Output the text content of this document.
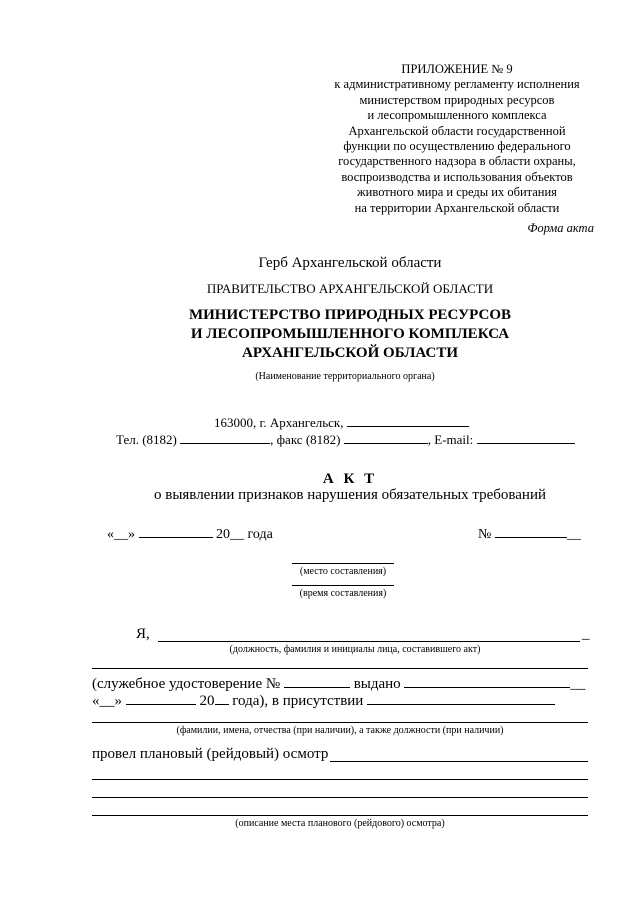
ПРИЛОЖЕНИЕ № 9
к административному регламенту исполнения
министерством природных ресурсов
и лесопромышленного комплекса
Архангельской области государственной
функции по осуществлению федерального
государственного надзора в области охраны,
воспроизводства и использования объектов
животного мира и среды их обитания
на территории Архангельской области
Форма акта
Герб Архангельской области
ПРАВИТЕЛЬСТВО АРХАНГЕЛЬСКОЙ ОБЛАСТИ
МИНИСТЕРСТВО ПРИРОДНЫХ РЕСУРСОВ
И ЛЕСОПРОМЫШЛЕННОГО КОМПЛЕКСА
АРХАНГЕЛЬСКОЙ ОБЛАСТИ
(Наименование территориального органа)
163000, г. Архангельск,
Тел. (8182)	, факс (8182)	, E-mail:
А К Т
о выявлении признаков нарушения обязательных требований
«__»	20__ года	№	__
(место составления)
(время составления)
Я,	_
(должность, фамилия и инициалы лица, составившего акт)
(служебное удостоверение №	выдано	__
«__»	20 года), в присутствии
(фамилии, имена, отчества (при наличии), а также должности (при наличии)
провел плановый (рейдовый) осмотр
(описание места планового (рейдового) осмотра)
